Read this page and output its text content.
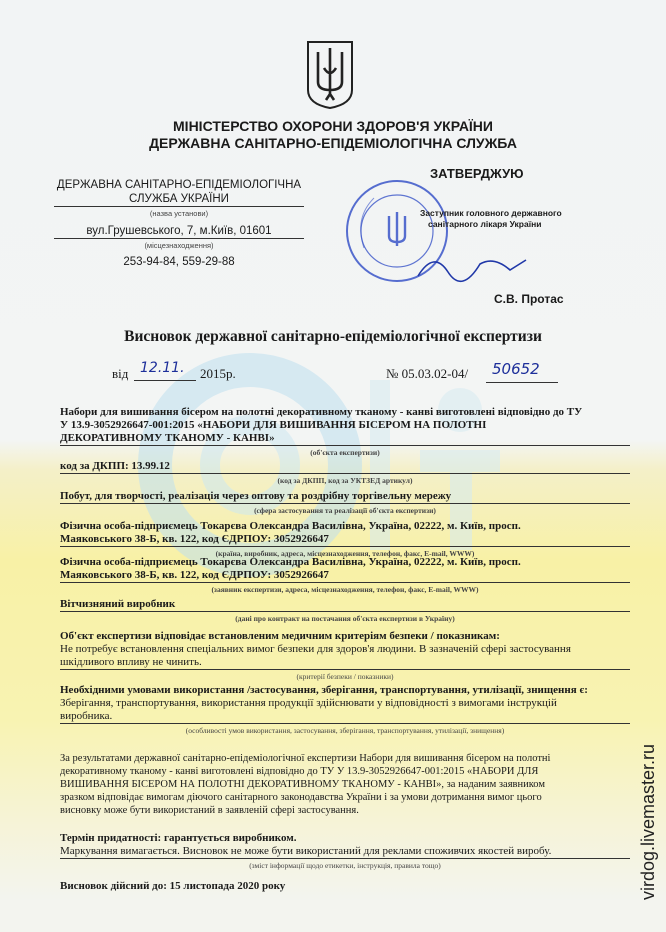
МІНІСТЕРСТВО ОХОРОНИ ЗДОРОВ'Я УКРАЇНИ
ДЕРЖАВНА САНІТАРНО-ЕПІДЕМІОЛОГІЧНА СЛУЖБА
ДЕРЖАВНА САНІТАРНО-ЕПІДЕМІОЛОГІЧНА
СЛУЖБА УКРАЇНИ
(назва установи)
вул.Грушевського, 7, м.Київ, 01601
(місцезнаходження)
253-94-84, 559-29-88
ЗАТВЕРДЖУЮ
Заступник головного державного
санітарного лікаря України
С.В. Протас
Висновок державної санітарно-епідеміологічної експертизи
від 12.11. 2015р.	№ 05.03.02-04/ 50652
Набори для вишивання бісером на полотні декоративному тканому - канві виготовлені відповідно до ТУ
У 13.9-3052926647-001:2015 «НАБОРИ ДЛЯ ВИШИВАННЯ БІСЕРОМ НА ПОЛОТНІ
ДЕКОРАТИВНОМУ ТКАНОМУ - КАНВІ»
(об'єкта експертизи)
код за ДКПП: 13.99.12
(код за ДКПП, код за УКТЗЕД артикул)
Побут, для творчості, реалізація через оптову та роздрібну торгівельну мережу
(сфера застосування та реалізації об'єкта експертизи)
Фізична особа-підприємець Токарєва Олександра Василівна, Україна, 02222, м. Київ, просп.
Маяковського 38-Б, кв. 122, код ЄДРПОУ: 3052926647
(країна, виробник, адреса, місцезнаходження, телефон, факс, E-mail, WWW)
Фізична особа-підприємець Токарєва Олександра Василівна, Україна, 02222, м. Київ, просп.
Маяковського 38-Б, кв. 122, код ЄДРПОУ: 3052926647
(заявник експертизи, адреса, місцезнаходження, телефон, факс, E-mail, WWW)
Вітчизняний виробник
(дані про контракт на постачання об'єкта експертизи в Україну)
Об'єкт експертизи відповідає встановленим медичним критеріям безпеки / показникам:
Не потребує встановлення спеціальних вимог безпеки для здоров'я людини. В зазначеній сфері застосування
шкідливого впливу не чинить.
(критерії безпеки / показники)
Необхідними умовами використання /застосування, зберігання, транспортування, утилізації, знищення є:
Зберігання, транспортування, використання продукції здійснювати у відповідності з вимогами інструкцій
виробника.
(особливості умов використання, застосування, зберігання, транспортування, утилізації, знищення)
За результатами державної санітарно-епідеміологічної експертизи Набори для вишивання бісером на полотні
декоративному тканому - канві виготовлені відповідно до ТУ У 13.9-3052926647-001:2015 «НАБОРИ ДЛЯ
ВИШИВАННЯ БІСЕРОМ НА ПОЛОТНІ ДЕКОРАТИВНОМУ ТКАНОМУ - КАНВІ», за наданим заявником
зразком відповідає вимогам діючого санітарного законодавства України і за умови дотримання вимог цього
висновку може бути використаний в заявленій сфері застосування.
Термін придатності: гарантується виробником.
Маркування вимагається. Висновок не може бути використаний для реклами споживчих якостей виробу.
(зміст інформації щодо етикетки, інструкція, правила тощо)
Висновок дійсний до: 15 листопада 2020 року	virdog.livemaster.ru
